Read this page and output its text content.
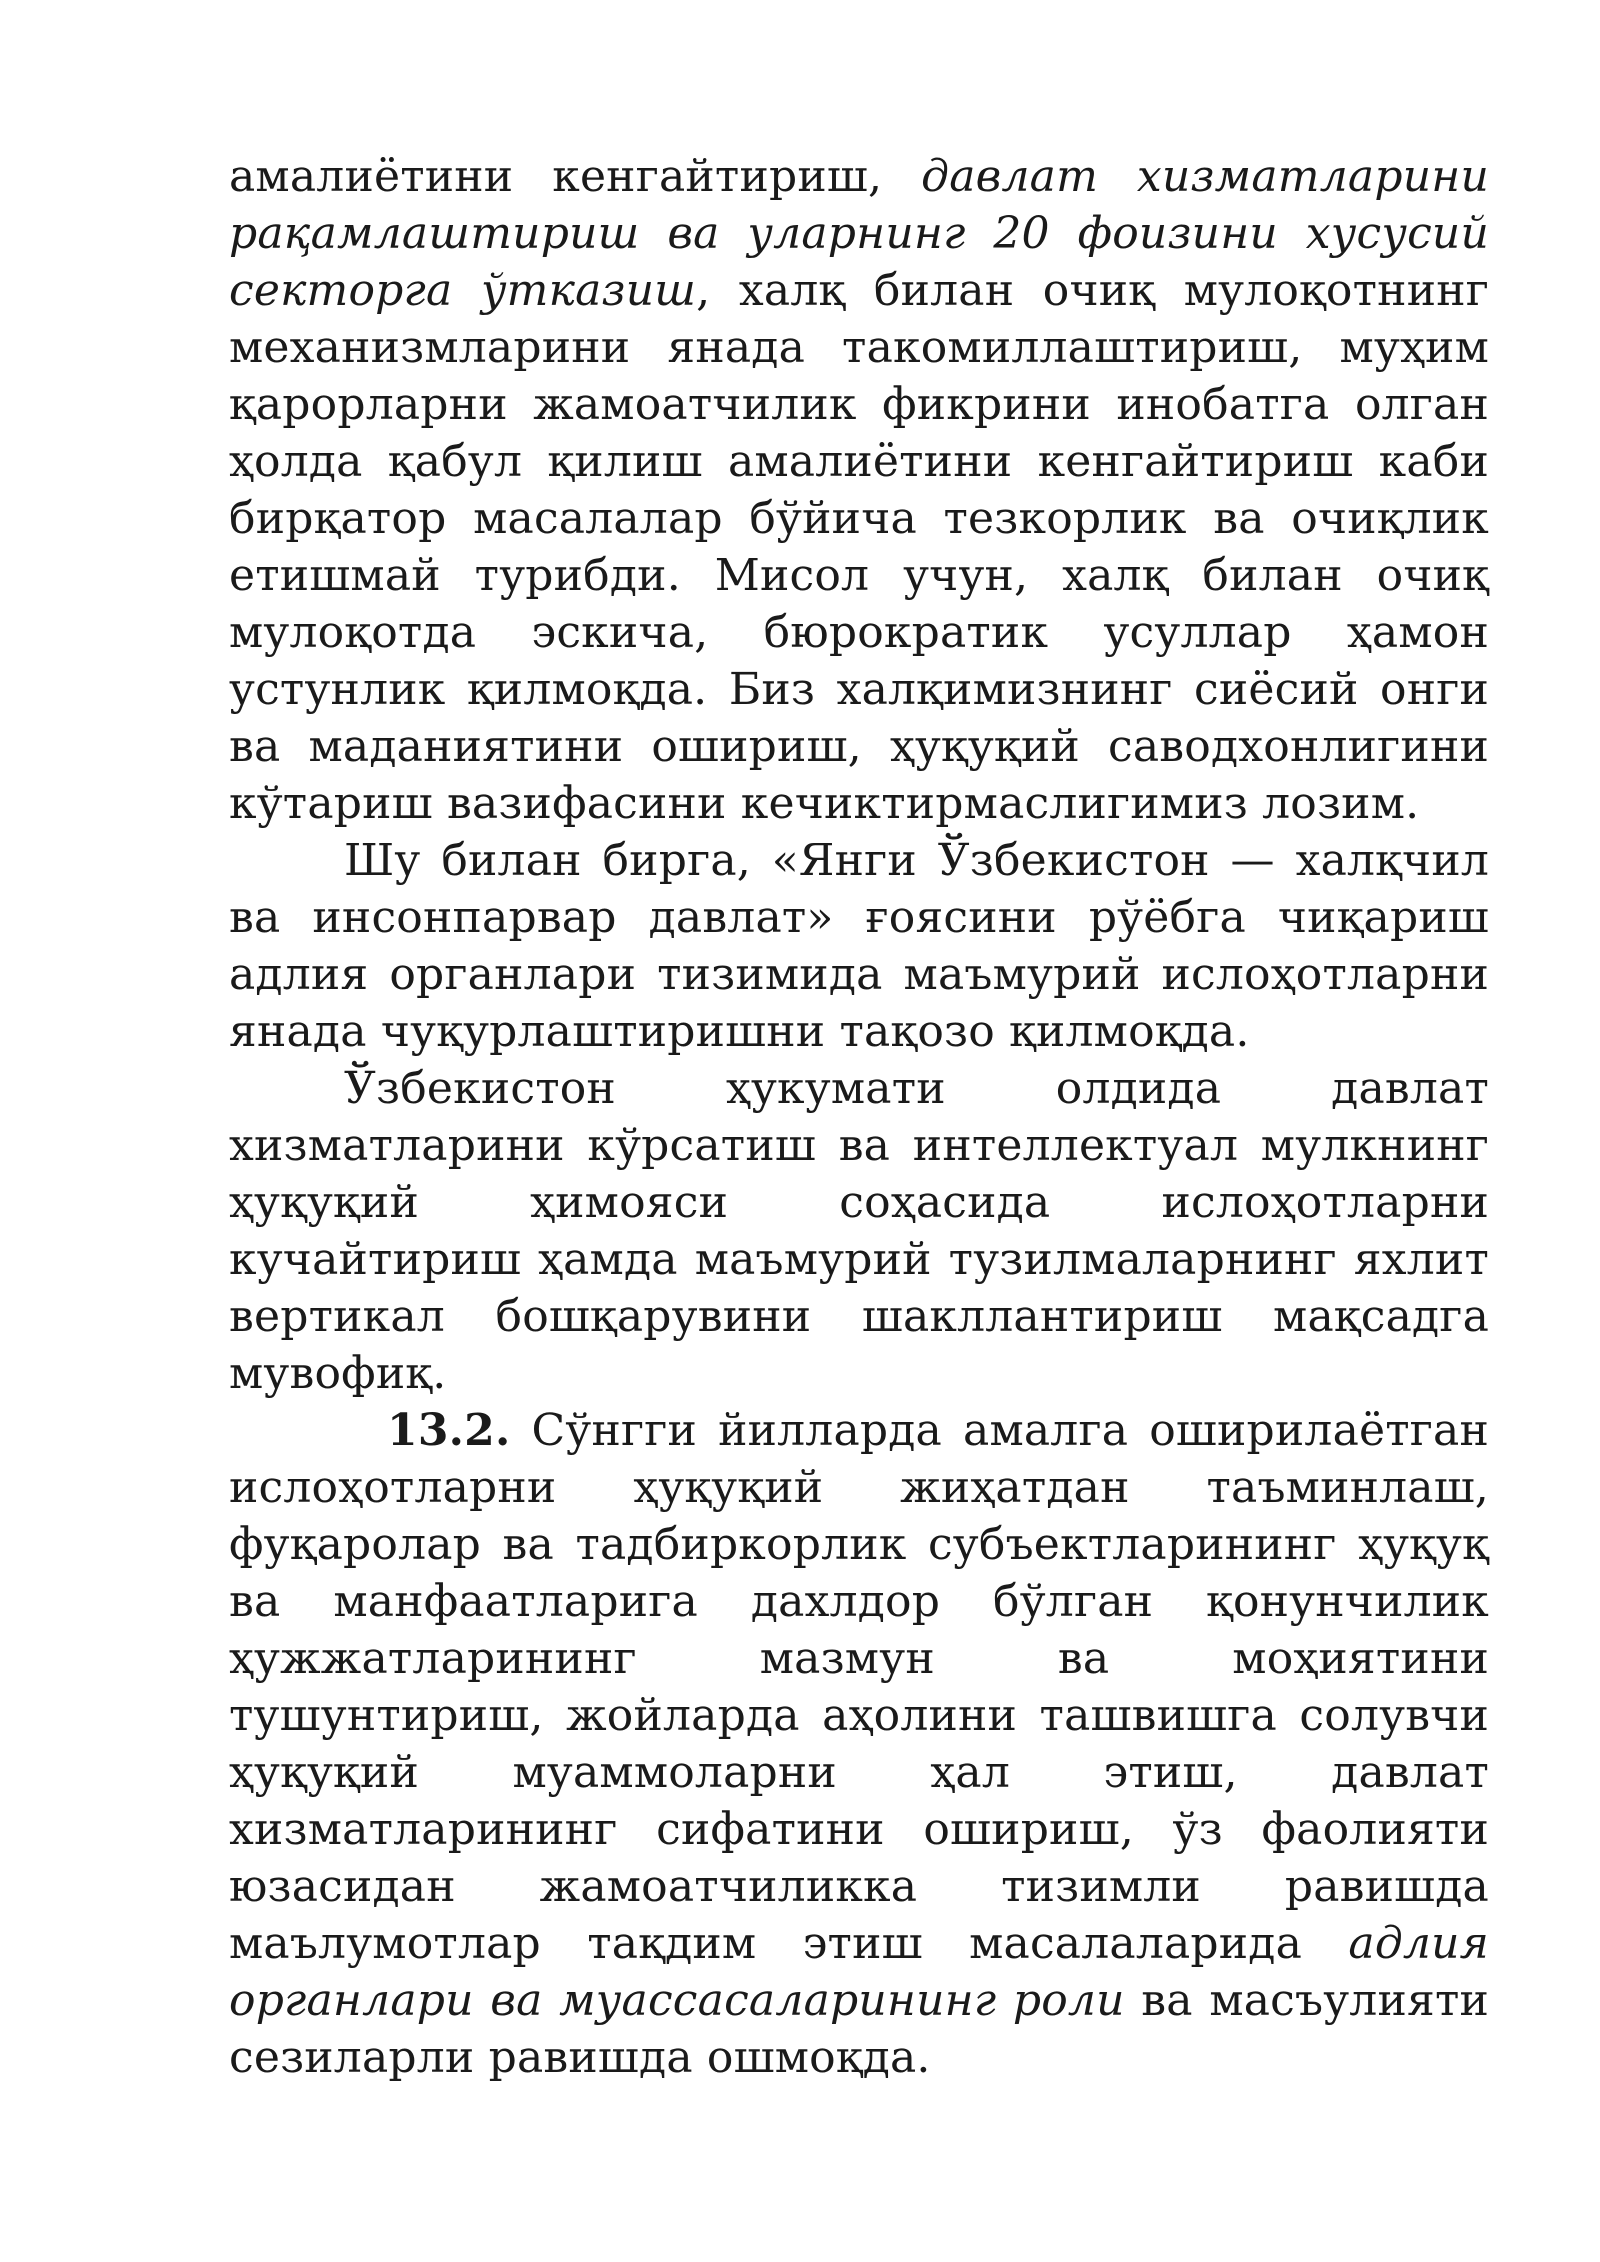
амалиётини кенгайтириш, давлат хизматларини рақамлаштириш ва уларнинг 20 фоизини хусусий секторга ўтказиш, халқ билан очиқ мулоқотнинг механизмларини янада такомиллаштириш, муҳим қарорларни жамоатчилик фикрини инобатга олган ҳолда қабул қилиш амалиётини кенгайтириш каби бирқатор масалалар бўйича тезкорлик ва очиқлик етишмай турибди. Мисол учун, халқ билан очиқ мулоқотда эскича, бюрократик усуллар ҳамон устунлик қилмоқда. Биз халқимизнинг сиёсий онги ва маданиятини ошириш, ҳуқуқий саводхонлигини кўтариш вазифасини кечиктирмаслигимиз лозим.

Шу билан бирга, «Янги Ўзбекистон — халқчил ва инсонпарвар давлат» ғоясини рўёбга чиқариш адлия органлари тизимида маъмурий ислоҳотларни янада чуқурлаштиришни тақозо қилмоқда.

Ўзбекистон ҳукумати олдида давлат хизматларини кўрсатиш ва интеллектуал мулкнинг ҳуқуқий ҳимояси соҳасида ислоҳотларни кучайтириш ҳамда маъмурий тузилмаларнинг яхлит вертикал бошқарувини шакллантириш мақсадга мувофиқ.

13.2. Сўнгги йилларда амалга оширилаётган ислоҳотларни ҳуқуқий жиҳатдан таъминлаш, фуқаролар ва тадбиркорлик субъектларининг ҳуқуқ ва манфаатларига дахлдор бўлган қонунчилик ҳужжатларининг мазмун ва моҳиятини тушунтириш, жойларда аҳолини ташвишга солувчи ҳуқуқий муаммоларни ҳал этиш, давлат хизматларининг сифатини ошириш, ўз фаолияти юзасидан жамоатчиликка тизимли равишда маълумотлар тақдим этиш масалаларида адлия органлари ва муассасаларининг роли ва масъулияти сезиларли равишда ошмоқда.
